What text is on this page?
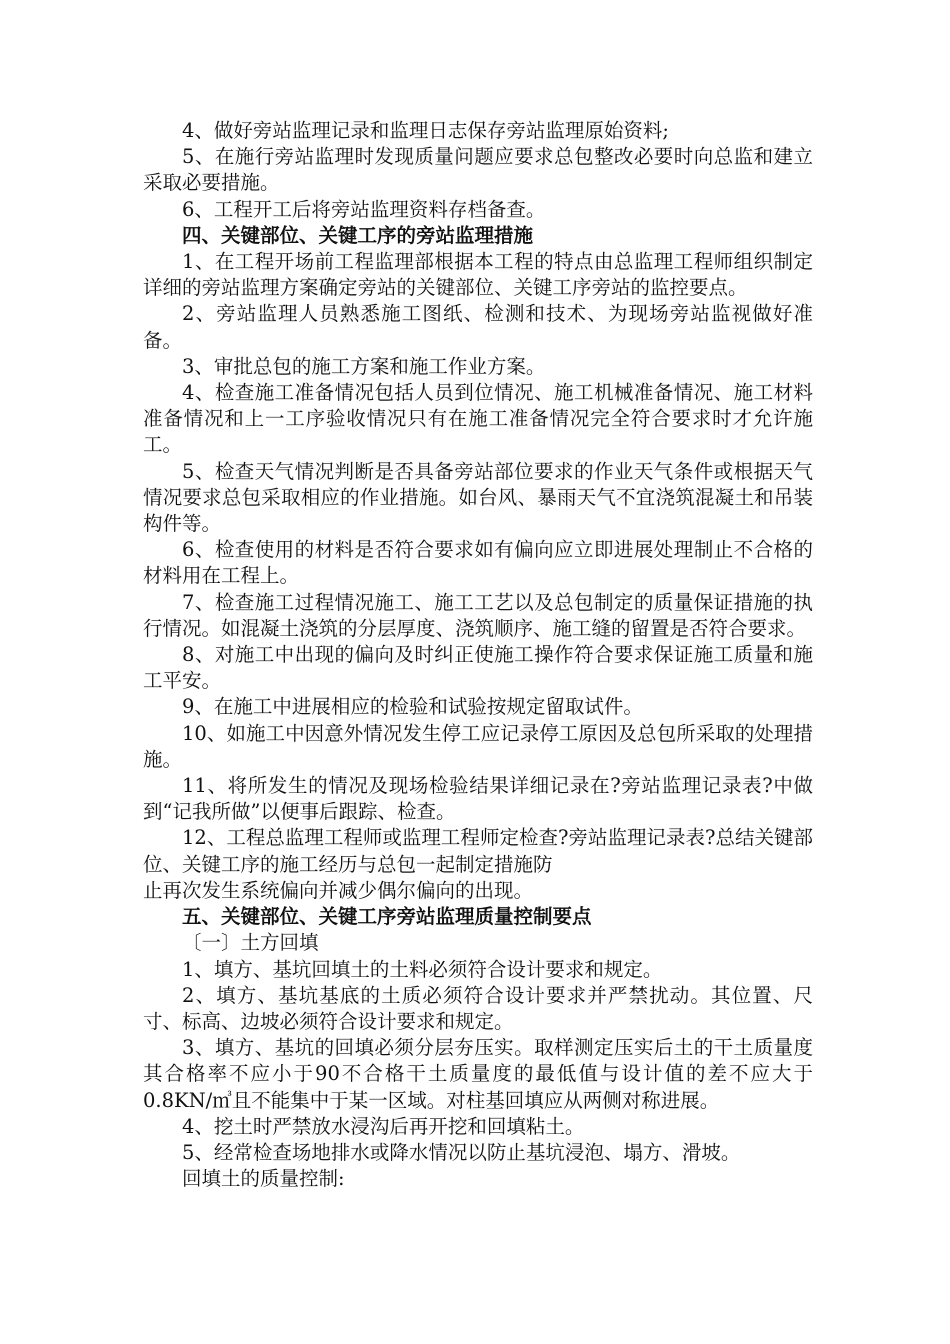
4、做好旁站监理记录和监理日志保存旁站监理原始资料;

5、在施行旁站监理时发现质量问题应要求总包整改必要时向总监和建立采取必要措施。

6、工程开工后将旁站监理资料存档备查。

四、关键部位、关键工序的旁站监理措施

1、在工程开场前工程监理部根据本工程的特点由总监理工程师组织制定详细的旁站监理方案确定旁站的关键部位、关键工序旁站的监控要点。

2、旁站监理人员熟悉施工图纸、检测和技术、为现场旁站监视做好准备。

3、审批总包的施工方案和施工作业方案。

4、检查施工准备情况包括人员到位情况、施工机械准备情况、施工材料准备情况和上一工序验收情况只有在施工准备情况完全符合要求时才允许施工。

5、检查天气情况判断是否具备旁站部位要求的作业天气条件或根据天气情况要求总包采取相应的作业措施。如台风、暴雨天气不宜浇筑混凝土和吊装构件等。

6、检查使用的材料是否符合要求如有偏向应立即进展处理制止不合格的材料用在工程上。

7、检查施工过程情况施工、施工工艺以及总包制定的质量保证措施的执行情况。如混凝土浇筑的分层厚度、浇筑顺序、施工缝的留置是否符合要求。

8、对施工中出现的偏向及时纠正使施工操作符合要求保证施工质量和施工平安。

9、在施工中进展相应的检验和试验按规定留取试件。

10、如施工中因意外情况发生停工应记录停工原因及总包所采取的处理措施。

11、将所发生的情况及现场检验结果详细记录在?旁站监理记录表?中做到“记我所做”以便事后跟踪、检查。

12、工程总监理工程师或监理工程师定检查?旁站监理记录表?总结关键部位、关键工序的施工经历与总包一起制定措施防

止再次发生系统偏向并减少偶尔偏向的出现。

五、关键部位、关键工序旁站监理质量控制要点

〔一〕土方回填

1、填方、基坑回填土的土料必须符合设计要求和规定。

2、填方、基坑基底的土质必须符合设计要求并严禁扰动。其位置、尺寸、标高、边坡必须符合设计要求和规定。

3、填方、基坑的回填必须分层夯压实。取样测定压实后土的干土质量度其合格率不应小于90不合格干土质量度的最低值与设计值的差不应大于0.8KN/㎥且不能集中于某一区域。对柱基回填应从两侧对称进展。

4、挖土时严禁放水浸沟后再开挖和回填粘土。

5、经常检查场地排水或降水情况以防止基坑浸泡、塌方、滑坡。

回填土的质量控制:
